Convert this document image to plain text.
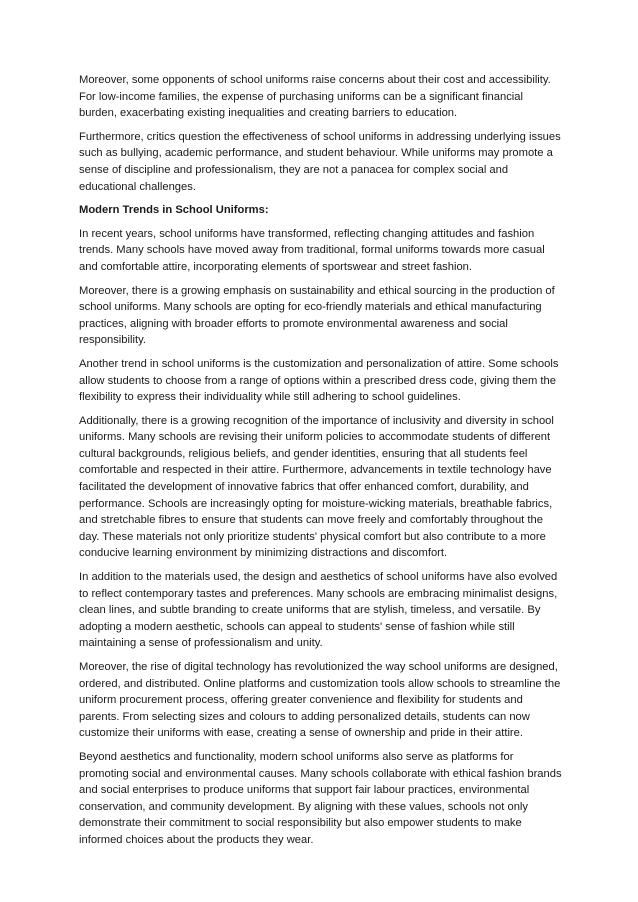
Moreover, some opponents of school uniforms raise concerns about their cost and accessibility. For low-income families, the expense of purchasing uniforms can be a significant financial burden, exacerbating existing inequalities and creating barriers to education.

Furthermore, critics question the effectiveness of school uniforms in addressing underlying issues such as bullying, academic performance, and student behaviour. While uniforms may promote a sense of discipline and professionalism, they are not a panacea for complex social and educational challenges.

Modern Trends in School Uniforms:

In recent years, school uniforms have transformed, reflecting changing attitudes and fashion trends. Many schools have moved away from traditional, formal uniforms towards more casual and comfortable attire, incorporating elements of sportswear and street fashion.

Moreover, there is a growing emphasis on sustainability and ethical sourcing in the production of school uniforms. Many schools are opting for eco-friendly materials and ethical manufacturing practices, aligning with broader efforts to promote environmental awareness and social responsibility.

Another trend in school uniforms is the customization and personalization of attire. Some schools allow students to choose from a range of options within a prescribed dress code, giving them the flexibility to express their individuality while still adhering to school guidelines.

Additionally, there is a growing recognition of the importance of inclusivity and diversity in school uniforms. Many schools are revising their uniform policies to accommodate students of different cultural backgrounds, religious beliefs, and gender identities, ensuring that all students feel comfortable and respected in their attire. Furthermore, advancements in textile technology have facilitated the development of innovative fabrics that offer enhanced comfort, durability, and performance. Schools are increasingly opting for moisture-wicking materials, breathable fabrics, and stretchable fibres to ensure that students can move freely and comfortably throughout the day. These materials not only prioritize students' physical comfort but also contribute to a more conducive learning environment by minimizing distractions and discomfort.

In addition to the materials used, the design and aesthetics of school uniforms have also evolved to reflect contemporary tastes and preferences. Many schools are embracing minimalist designs, clean lines, and subtle branding to create uniforms that are stylish, timeless, and versatile. By adopting a modern aesthetic, schools can appeal to students' sense of fashion while still maintaining a sense of professionalism and unity.

Moreover, the rise of digital technology has revolutionized the way school uniforms are designed, ordered, and distributed. Online platforms and customization tools allow schools to streamline the uniform procurement process, offering greater convenience and flexibility for students and parents. From selecting sizes and colours to adding personalized details, students can now customize their uniforms with ease, creating a sense of ownership and pride in their attire.

Beyond aesthetics and functionality, modern school uniforms also serve as platforms for promoting social and environmental causes. Many schools collaborate with ethical fashion brands and social enterprises to produce uniforms that support fair labour practices, environmental conservation, and community development. By aligning with these values, schools not only demonstrate their commitment to social responsibility but also empower students to make informed choices about the products they wear.
